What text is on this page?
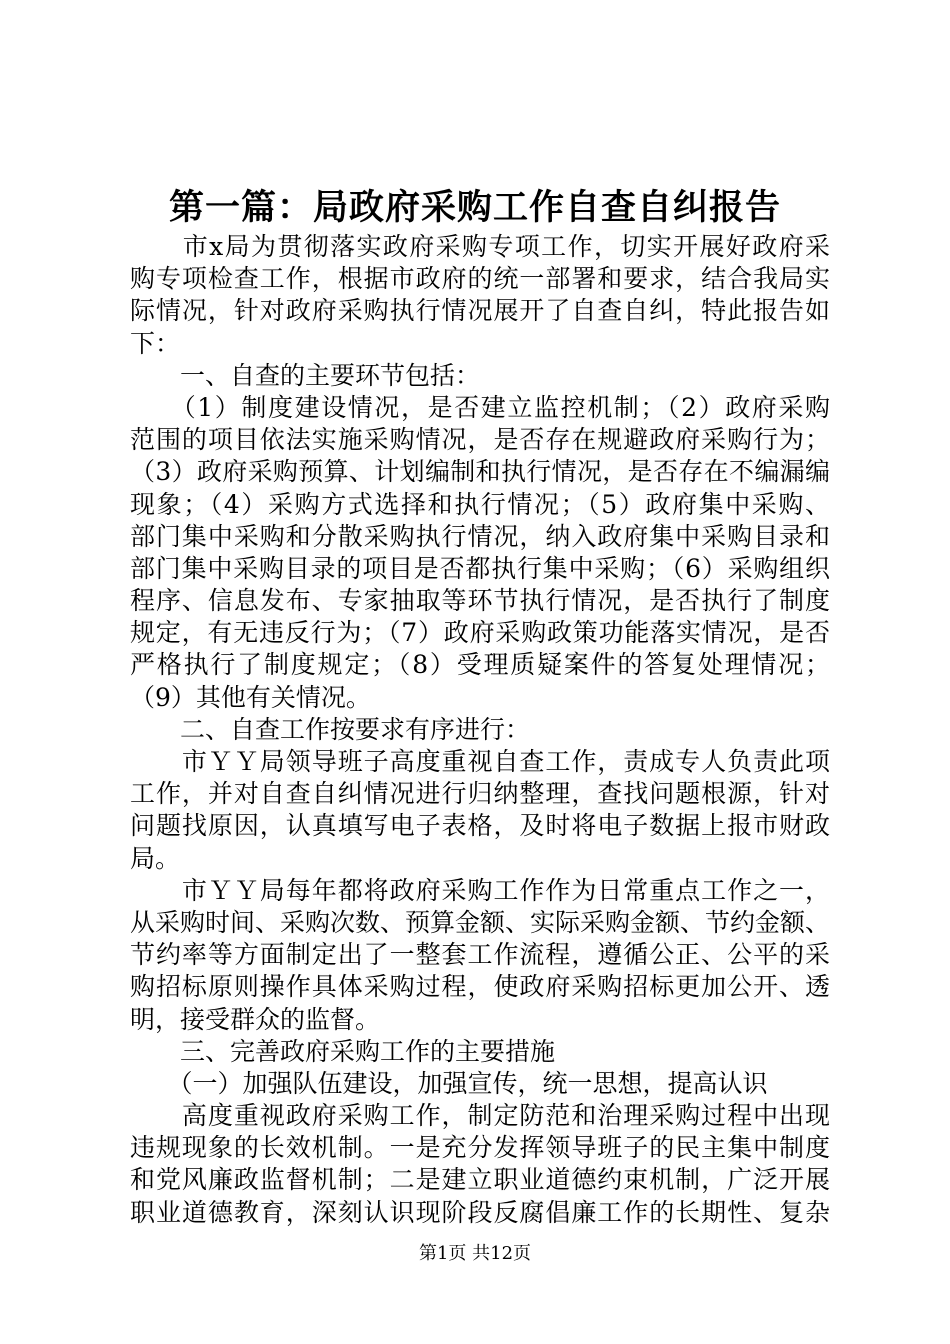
第一篇：局政府采购工作自查自纠报告
　　市x局为贯彻落实政府采购专项工作，切实开展好政府采
购专项检查工作，根据市政府的统一部署和要求，结合我局实
际情况，针对政府采购执行情况展开了自查自纠，特此报告如
下：
　　一、自查的主要环节包括：
　　（1）制度建设情况，是否建立监控机制；（2）政府采购
范围的项目依法实施采购情况，是否存在规避政府采购行为；
（3）政府采购预算、计划编制和执行情况，是否存在不编漏编
现象；（4）采购方式选择和执行情况；（5）政府集中采购、
部门集中采购和分散采购执行情况，纳入政府集中采购目录和
部门集中采购目录的项目是否都执行集中采购；（6）采购组织
程序、信息发布、专家抽取等环节执行情况，是否执行了制度
规定，有无违反行为；（7）政府采购政策功能落实情况，是否
严格执行了制度规定；（8）受理质疑案件的答复处理情况；
（9）其他有关情况。
　　二、自查工作按要求有序进行：
　　市ＹＹ局领导班子高度重视自查工作，责成专人负责此项
工作，并对自查自纠情况进行归纳整理，查找问题根源，针对
问题找原因，认真填写电子表格，及时将电子数据上报市财政
局。
　　市ＹＹ局每年都将政府采购工作作为日常重点工作之一，
从采购时间、采购次数、预算金额、实际采购金额、节约金额、
节约率等方面制定出了一整套工作流程，遵循公正、公平的采
购招标原则操作具体采购过程，使政府采购招标更加公开、透
明，接受群众的监督。
　　三、完善政府采购工作的主要措施
　　（一）加强队伍建设，加强宣传，统一思想，提高认识
　　高度重视政府采购工作，制定防范和治理采购过程中出现
违规现象的长效机制。一是充分发挥领导班子的民主集中制度
和党风廉政监督机制；二是建立职业道德约束机制，广泛开展
职业道德教育，深刻认识现阶段反腐倡廉工作的长期性、复杂
第1页 共12页
